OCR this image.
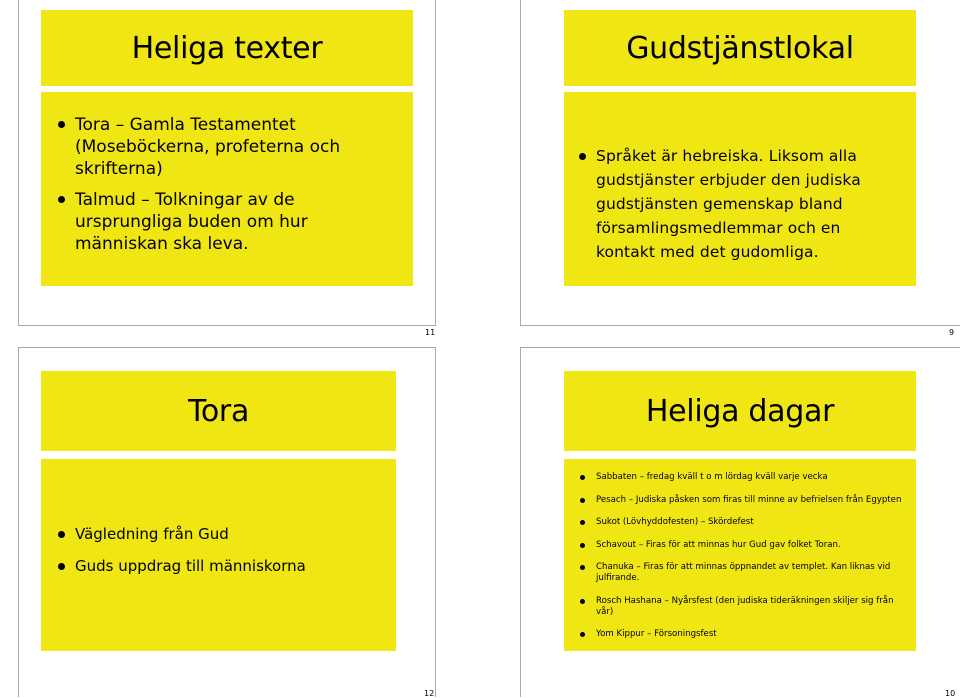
Heliga texter
Tora – Gamla Testamentet (Moseböckerna, profeterna och skrifterna)
Talmud – Tolkningar av de ursprungliga buden om hur människan ska leva.
11
Gudstjänstlokal
Språket är hebreiska. Liksom alla gudstjänster erbjuder den judiska gudstjänsten gemenskap bland församlingsmedlemmar och en kontakt med det gudomliga.
9
Tora
Vägledning från Gud
Guds uppdrag till människorna
12
Heliga dagar
Sabbaten – fredag kväll t o m lördag kväll varje vecka
Pesach – Judiska påsken som firas till minne av befrielsen från Egypten
Sukot (Lövhyddofesten) – Skördefest
Schavout – Firas för att minnas hur Gud gav folket Toran.
Chanuka – Firas för att minnas öppnandet av templet. Kan liknas vid julfirande.
Rosch Hashana – Nyårsfest (den judiska tideräkningen skiljer sig från vår)
Yom Kippur – Försoningsfest
10
